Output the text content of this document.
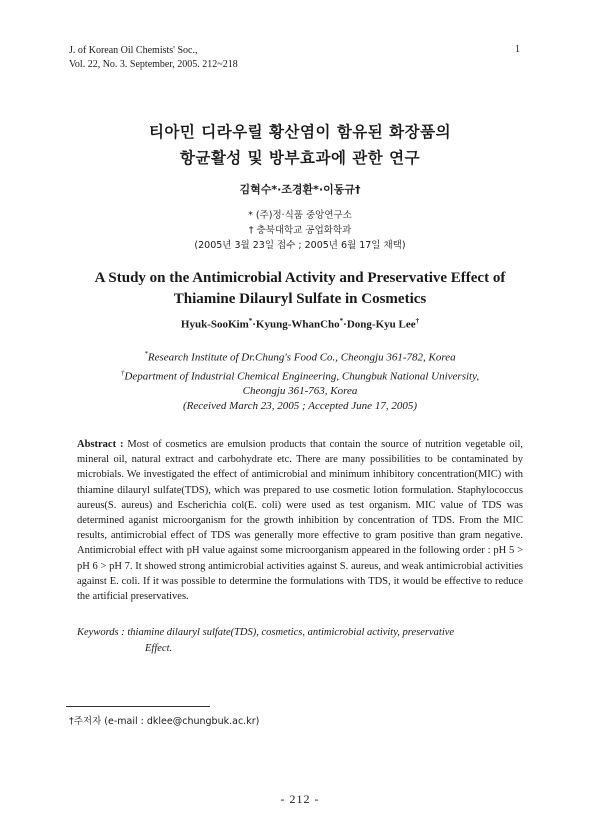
J. of Korean Oil Chemists' Soc.,
Vol. 22, No. 3. September, 2005. 212~218
1
티아민 디라우릴 황산염이 함유된 화장품의
항균활성 및 방부효과에 관한 연구
김혁수*·조경환*·이동규†
* (주)정·식품 중앙연구소
† 충북대학교 공업화학과
(2005년 3월 23일 접수 ; 2005년 6월 17일 채택)
A Study on the Antimicrobial Activity and Preservative Effect of
Thiamine Dilauryl Sulfate in Cosmetics
Hyuk-SooKim*·Kyung-WhanCho*·Dong-Kyu Lee†
*Research Institute of Dr.Chung's Food Co., Cheongju 361-782, Korea
†Department of Industrial Chemical Engineering, Chungbuk National University,
Cheongju 361-763, Korea
(Received March 23, 2005 ; Accepted June 17, 2005)
Abstract : Most of cosmetics are emulsion products that contain the source of nutrition vegetable oil, mineral oil, natural extract and carbohydrate etc. There are many possibilities to be contaminated by microbials. We investigated the effect of antimicrobial and minimum inhibitory concentration(MIC) with thiamine dilauryl sulfate(TDS), which was prepared to use cosmetic lotion formulation. Staphylococcus aureus(S. aureus) and Escherichia col(E. coli) were used as test organism. MIC value of TDS was determined aganist microorganism for the growth inhibition by concentration of TDS. From the MIC results, antimicrobial effect of TDS was generally more effective to gram positive than gram negative. Antimicrobial effect with pH value against some microorganism appeared in the following order : pH 5 > pH 6 > pH 7. It showed strong antimicrobial activities against S. aureus, and weak antimicrobial activities against E. coli. If it was possible to determine the formulations with TDS, it would be effective to reduce the artificial preservatives.
Keywords : thiamine dilauryl sulfate(TDS), cosmetics, antimicrobial activity, preservative
Effect.
†주저자 (e-mail : dklee@chungbuk.ac.kr)
- 212 -
